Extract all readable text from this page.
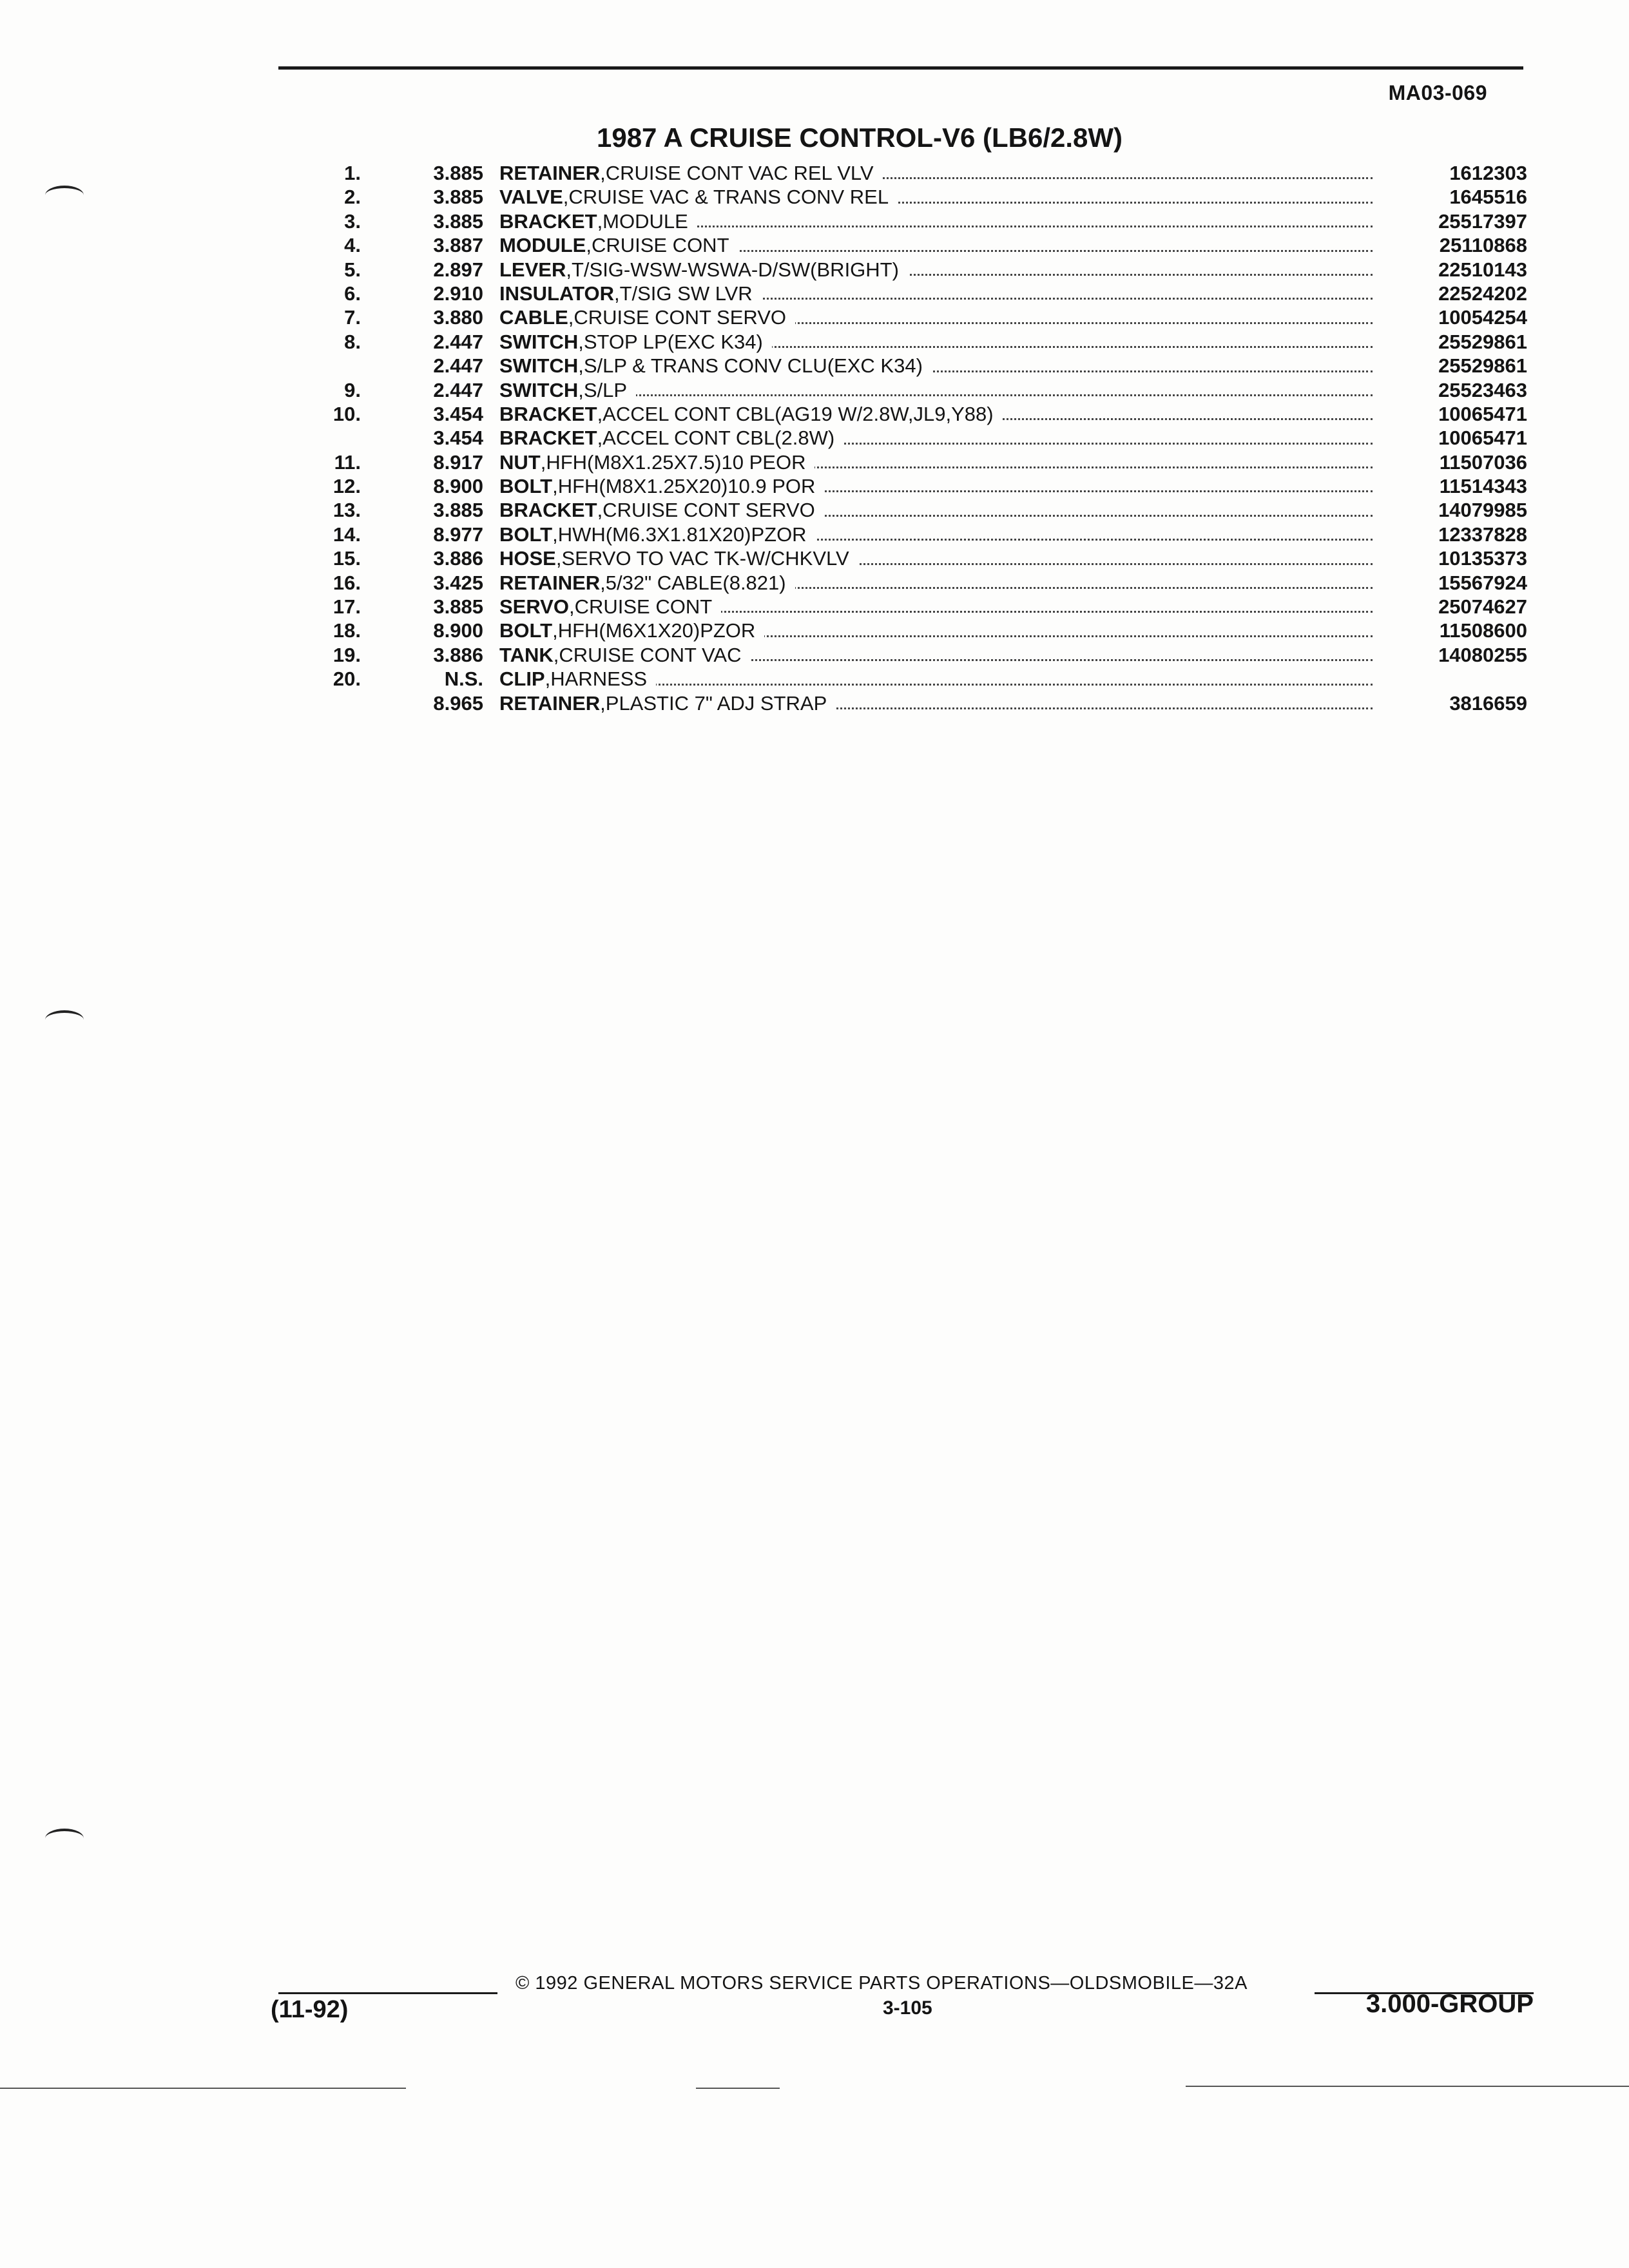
MA03-069
1987 A CRUISE CONTROL-V6 (LB6/2.8W)
1.	3.885 RETAINER,CRUISE CONT VAC REL VLV	1612303
2.	3.885 VALVE,CRUISE VAC & TRANS CONV REL	1645516
3.	3.885 BRACKET,MODULE	25517397
4.	3.887 MODULE,CRUISE CONT	25110868
5.	2.897 LEVER,T/SIG-WSW-WSWA-D/SW(BRIGHT)	22510143
6.	2.910 INSULATOR,T/SIG SW LVR	22524202
7.	3.880 CABLE,CRUISE CONT SERVO	10054254
8.	2.447 SWITCH,STOP LP(EXC K34)	25529861
2.447 SWITCH,S/LP & TRANS CONV CLU(EXC K34)	25529861
9.	2.447 SWITCH,S/LP	25523463
10.	3.454 BRACKET,ACCEL CONT CBL(AG19 W/2.8W,JL9,Y88)	10065471
3.454 BRACKET,ACCEL CONT CBL(2.8W)	10065471
11.	8.917 NUT,HFH(M8X1.25X7.5)10 PEOR	11507036
12.	8.900 BOLT,HFH(M8X1.25X20)10.9 POR	11514343
13.	3.885 BRACKET,CRUISE CONT SERVO	14079985
14.	8.977 BOLT,HWH(M6.3X1.81X20)PZOR	12337828
15.	3.886 HOSE,SERVO TO VAC TK-W/CHKVLV	10135373
16.	3.425 RETAINER,5/32" CABLE(8.821)	15567924
17.	3.885 SERVO,CRUISE CONT	25074627
18.	8.900 BOLT,HFH(M6X1X20)PZOR	11508600
19.	3.886 TANK,CRUISE CONT VAC	14080255
20.	N.S. CLIP,HARNESS
8.965 RETAINER,PLASTIC 7" ADJ STRAP	3816659
© 1992 GENERAL MOTORS SERVICE PARTS OPERATIONS—OLDSMOBILE—32A
(11-92)	3-105	3.000-GROUP
